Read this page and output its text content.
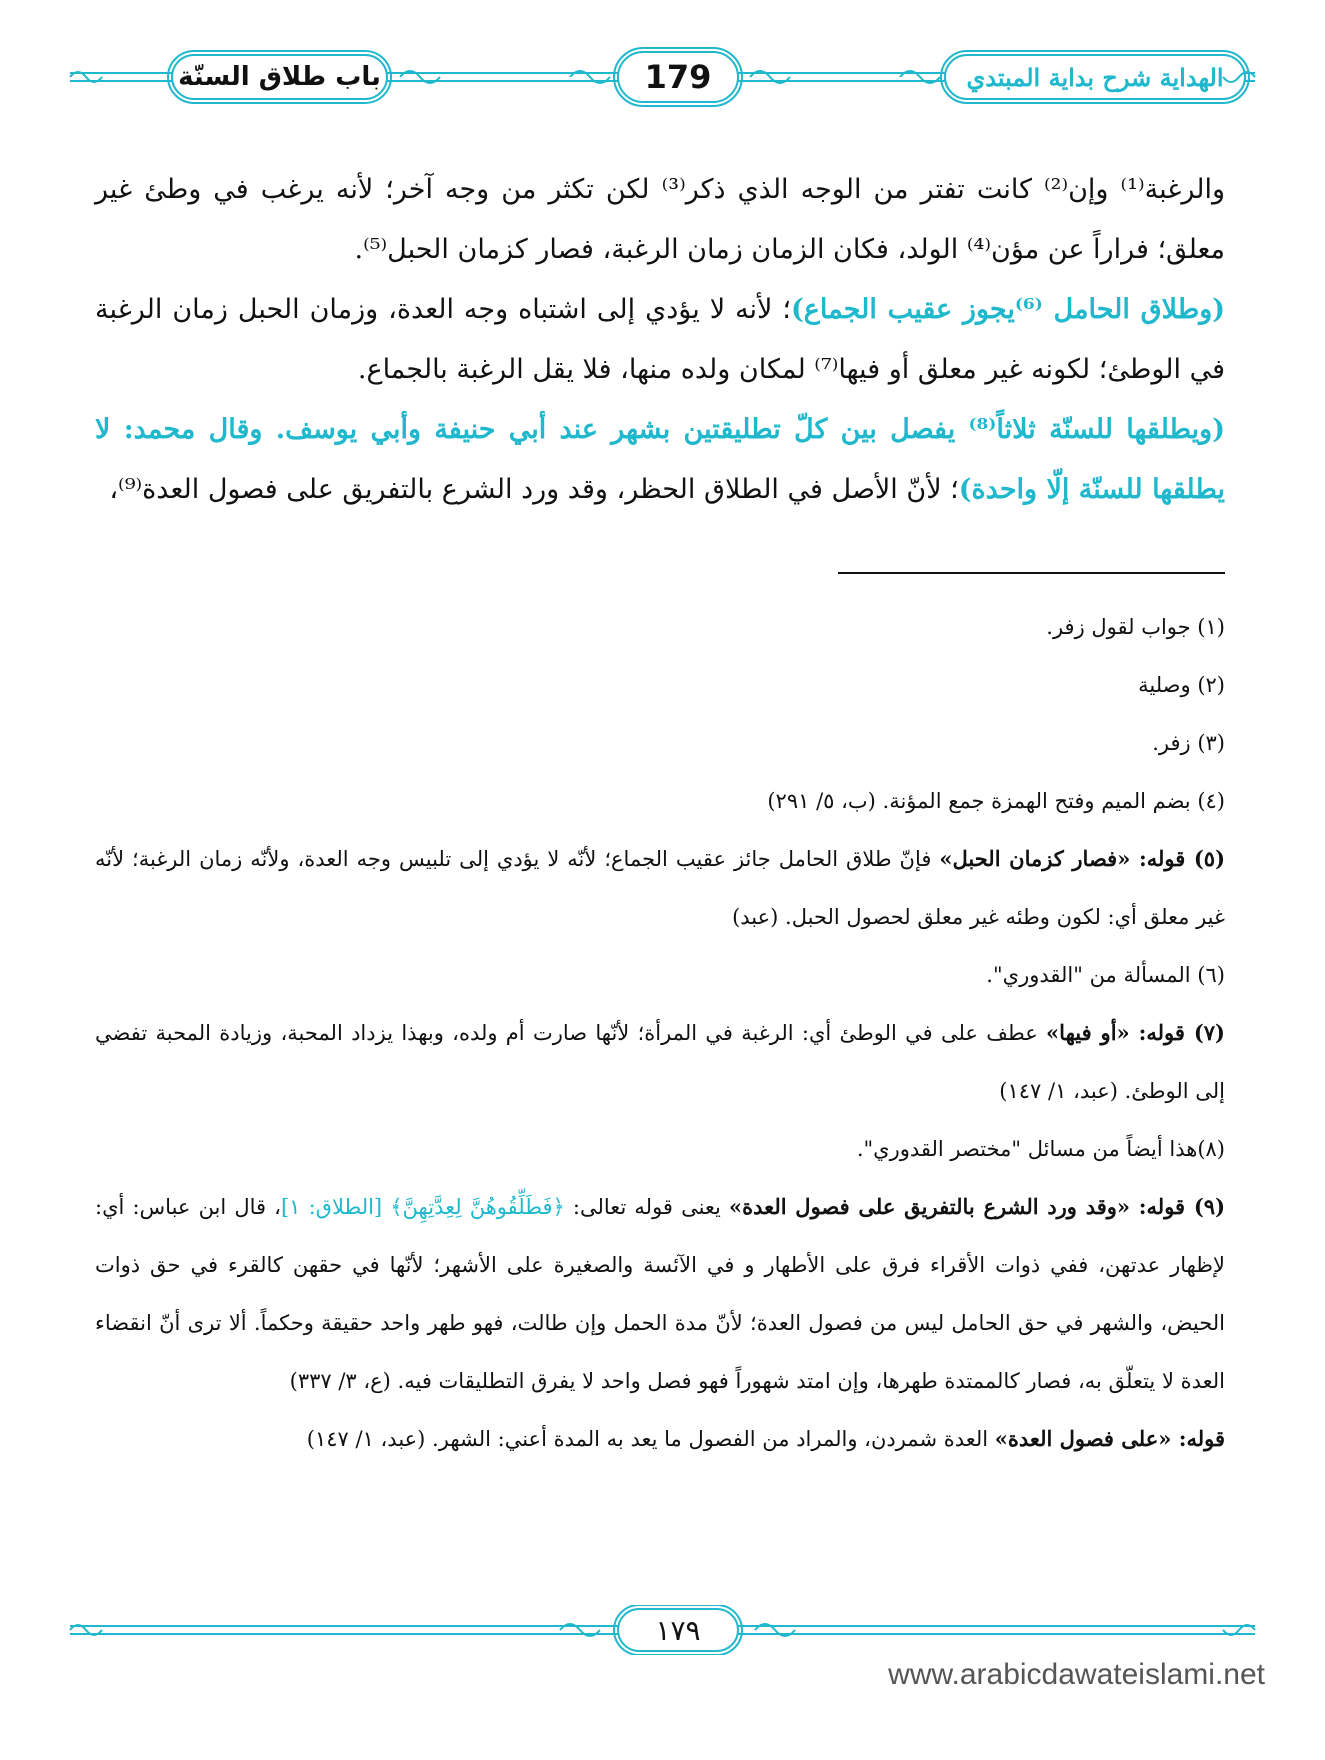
باب طلاق السنّة	179	الهداية شرح بداية المبتدي

والرغبة⁽¹⁾ وإن⁽²⁾ كانت تفتر من الوجه الذي ذكر⁽³⁾ لكن تكثر من وجه آخر؛ لأنه يرغب في وطئ غير معلق؛ فراراً عن مؤن⁽⁴⁾ الولد، فكان الزمان زمان الرغبة، فصار كزمان الحبل⁽⁵⁾.

(وطلاق الحامل ⁽⁶⁾يجوز عقيب الجماع)؛ لأنه لا يؤدي إلى اشتباه وجه العدة، وزمان الحبل زمان الرغبة في الوطئ؛ لكونه غير معلق أو فيها⁽⁷⁾ لمكان ولده منها، فلا يقل الرغبة بالجماع.

(ويطلقها للسنّة ثلاثاً⁽⁸⁾ يفصل بين كلّ تطليقتين بشهر عند أبي حنيفة وأبي يوسف. وقال محمد: لا يطلقها للسنّة إلّا واحدة)؛ لأنّ الأصل في الطلاق الحظر، وقد ورد الشرع بالتفريق على فصول العدة⁽⁹⁾،

(١) جواب لقول زفر.

(٢) وصلية

(٣) زفر.

(٤) بضم الميم وفتح الهمزة جمع المؤنة. (ب، ٥/ ٢٩١)

(٥) قوله: «فصار كزمان الحبل» فإنّ طلاق الحامل جائز عقيب الجماع؛ لأنّه لا يؤدي إلى تلبيس وجه العدة، ولأنّه زمان الرغبة؛ لأنّه غير معلق أي: لكون وطئه غير معلق لحصول الحبل. (عبد)

(٦) المسألة من "القدوري".

(٧) قوله: «أو فيها» عطف على في الوطئ أي: الرغبة في المرأة؛ لأنّها صارت أم ولده، وبهذا يزداد المحبة، وزيادة المحبة تفضي إلى الوطئ. (عبد، ١/ ١٤٧)

(٨)هذا أيضاً من مسائل "مختصر القدوري".

(٩) قوله: «وقد ورد الشرع بالتفريق على فصول العدة» يعنى قوله تعالى: ﴿فَطَلِّقُوهُنَّ لِعِدَّتِهِنَّ﴾ [الطلاق: ١]، قال ابن عباس: أي: لإظهار عدتهن، ففي ذوات الأقراء فرق على الأطهار و في الآئسة والصغيرة على الأشهر؛ لأنّها في حقهن كالقرء في حق ذوات الحيض، والشهر في حق الحامل ليس من فصول العدة؛ لأنّ مدة الحمل وإن طالت، فهو طهر واحد حقيقة وحكماً. ألا ترى أنّ انقضاء العدة لا يتعلّق به، فصار كالممتدة طهرها، وإن امتد شهوراً فهو فصل واحد لا يفرق التطليقات فيه. (ع، ٣/ ٣٣٧)

قوله: «على فصول العدة» العدة شمردن، والمراد من الفصول ما يعد به المدة أعني: الشهر. (عبد، ١/ ١٤٧)

١٧٩
www.arabicdawateislami.net
